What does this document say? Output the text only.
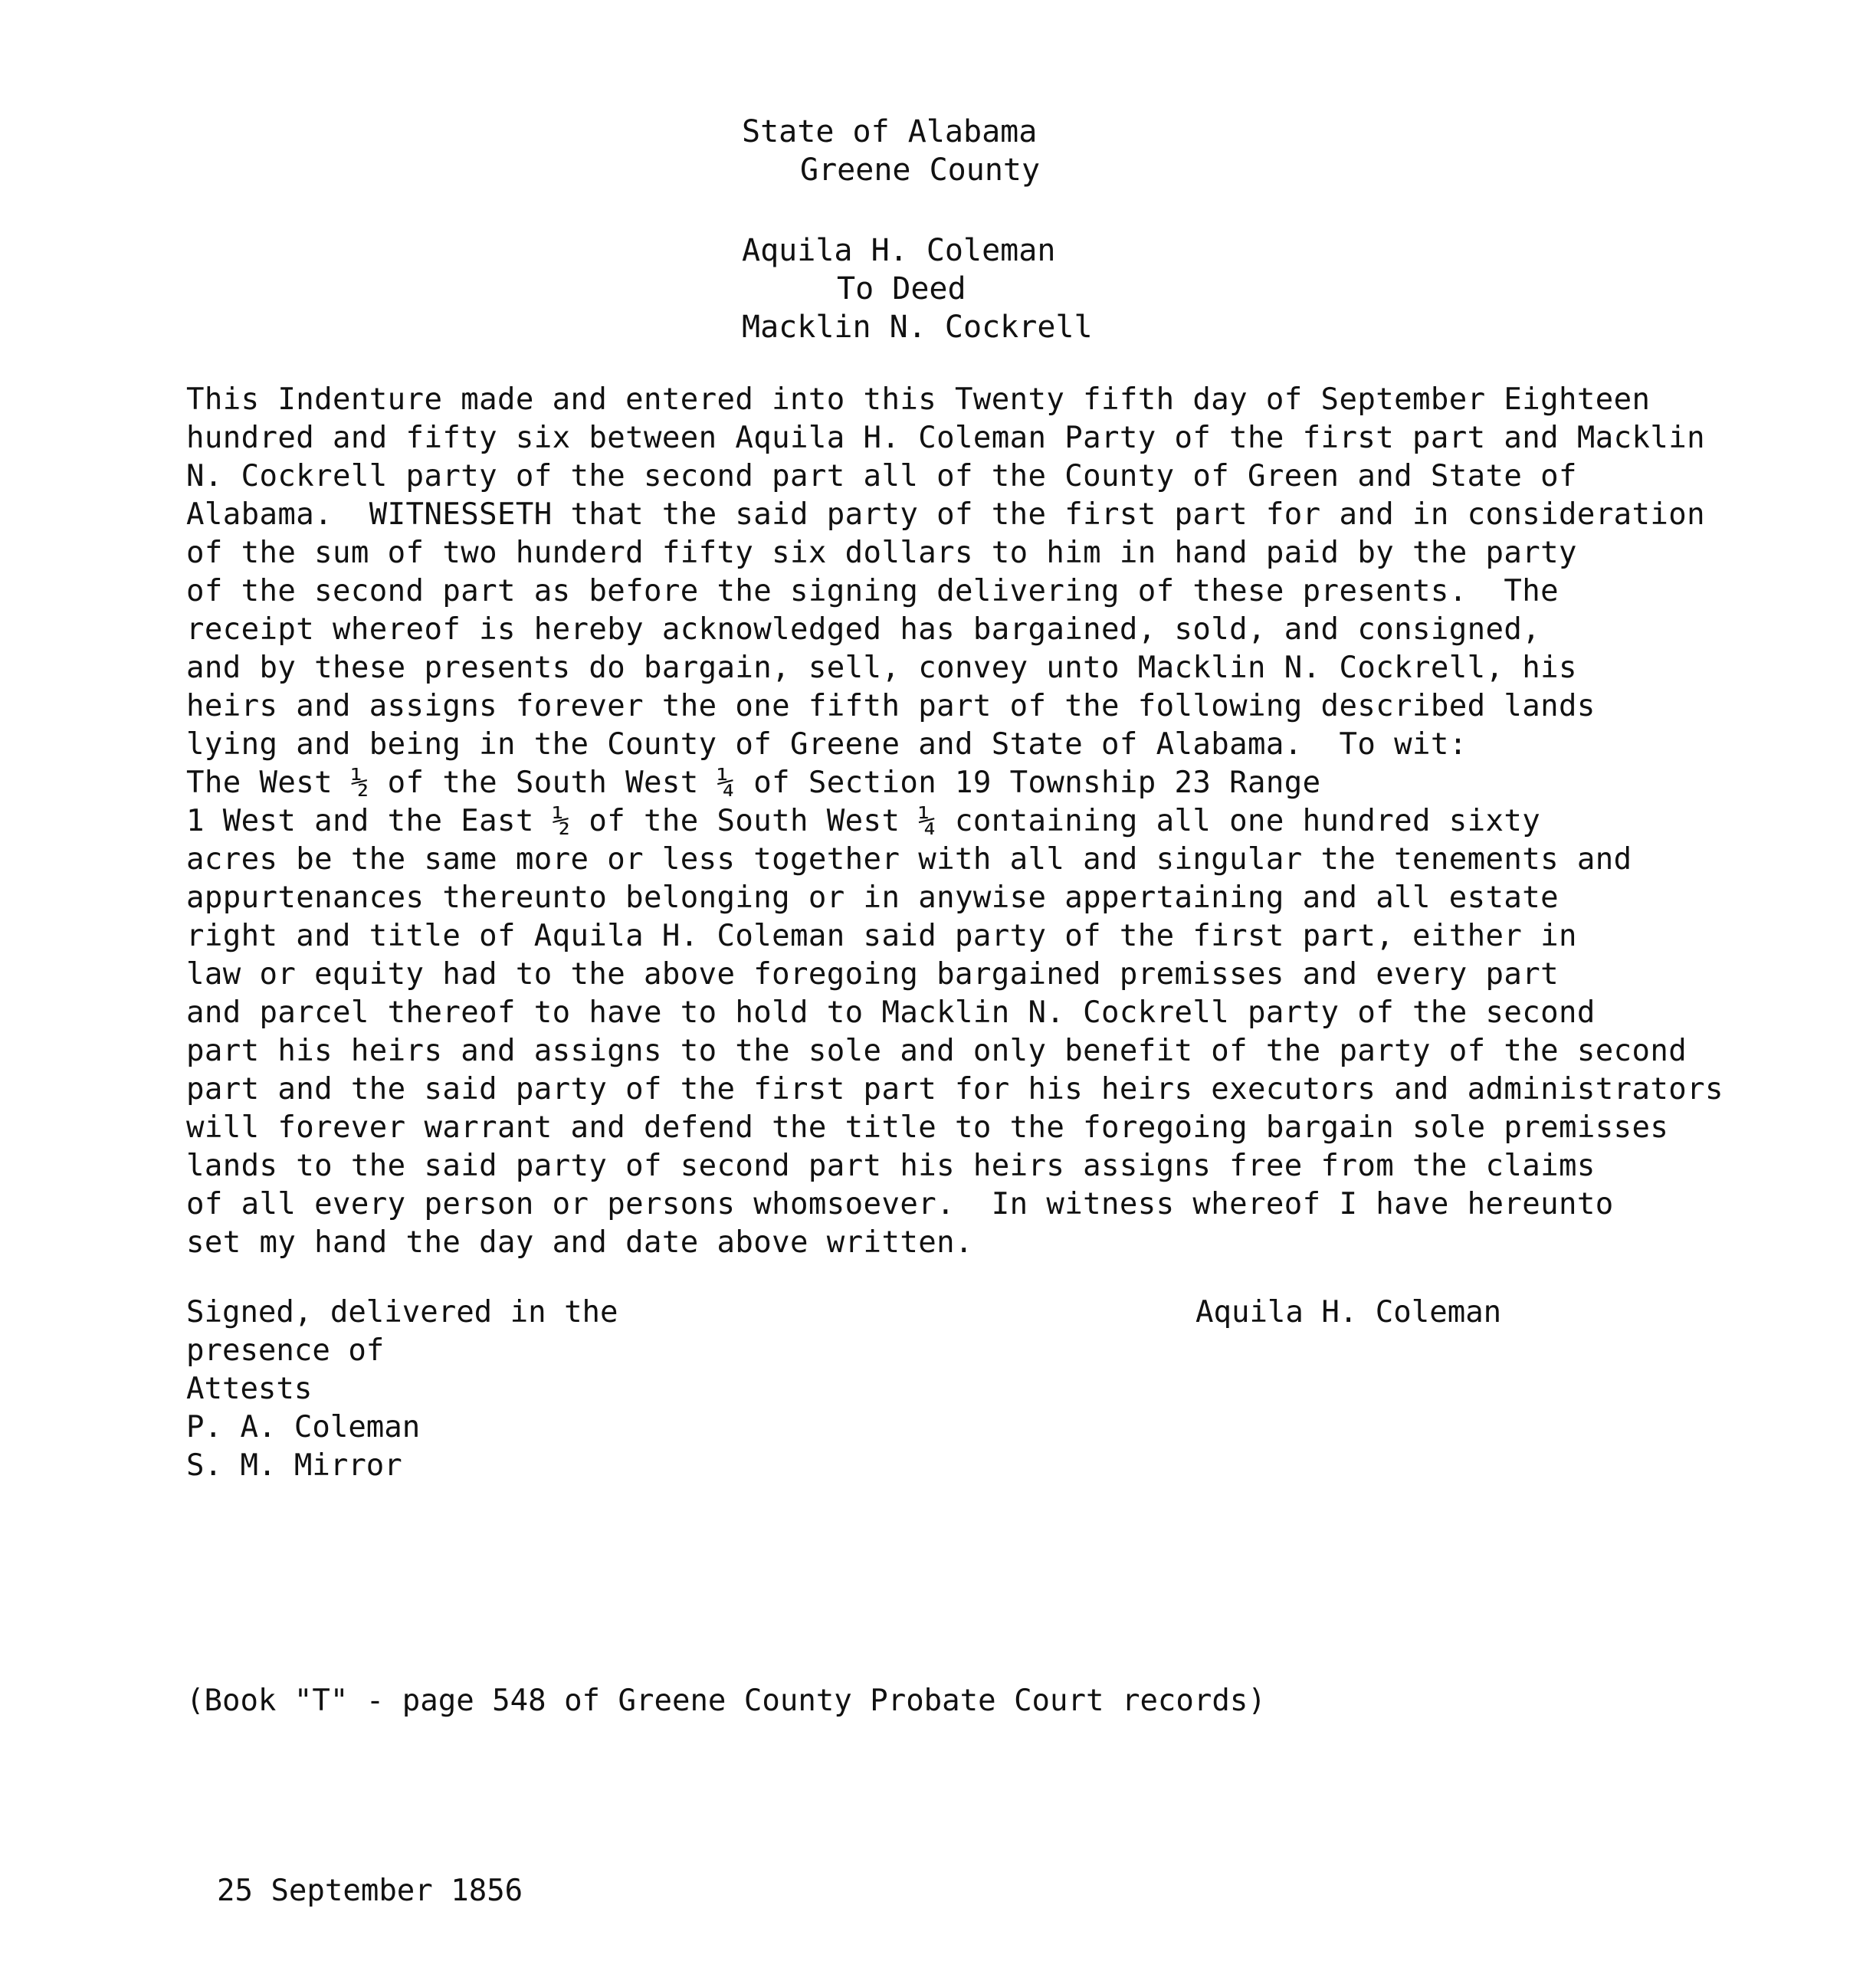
State of Alabama
Greene County
Aquila H. Coleman
To Deed
Macklin N. Cockrell
This Indenture made and entered into this Twenty fifth day of September Eighteen
hundred and fifty six between Aquila H. Coleman Party of the first part and Macklin
N. Cockrell party of the second part all of the County of Green and State of
Alabama.  WITNESSETH that the said party of the first part for and in consideration
of the sum of two hunderd fifty six dollars to him in hand paid by the party
of the second part as before the signing delivering of these presents.  The
receipt whereof is hereby acknowledged has bargained, sold, and consigned,
and by these presents do bargain, sell, convey unto Macklin N. Cockrell, his
heirs and assigns forever the one fifth part of the following described lands
lying and being in the County of Greene and State of Alabama.  To wit:
The West ½ of the South West ¼ of Section 19 Township 23 Range
1 West and the East ½ of the South West ¼ containing all one hundred sixty
acres be the same more or less together with all and singular the tenements and
appurtenances thereunto belonging or in anywise appertaining and all estate
right and title of Aquila H. Coleman said party of the first part, either in
law or equity had to the above foregoing bargained premisses and every part
and parcel thereof to have to hold to Macklin N. Cockrell party of the second
part his heirs and assigns to the sole and only benefit of the party of the second
part and the said party of the first part for his heirs executors and administrators
will forever warrant and defend the title to the foregoing bargain sole premisses
lands to the said party of second part his heirs assigns free from the claims
of all every person or persons whomsoever.  In witness whereof I have hereunto
set my hand the day and date above written.
Signed, delivered in the
presence of
Attests
P. A. Coleman
S. M. Mirror
Aquila H. Coleman
(Book "T" - page 548 of Greene County Probate Court records)
25 September 1856
